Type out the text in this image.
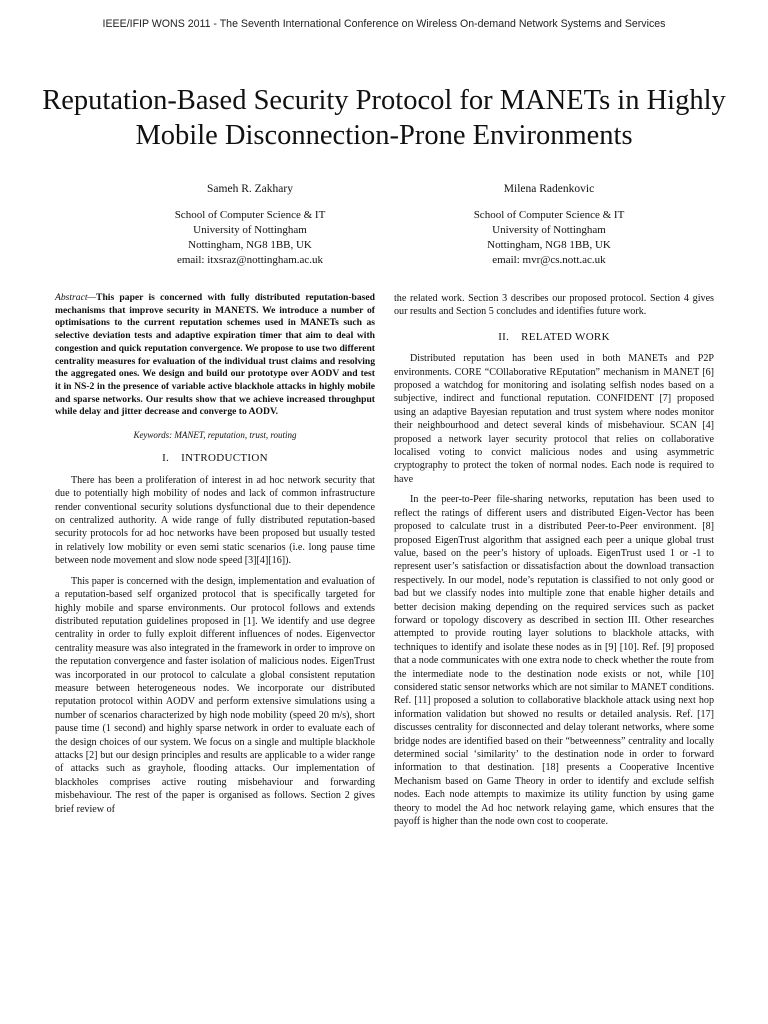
IEEE/IFIP WONS 2011 - The Seventh International Conference on Wireless On-demand Network Systems and Services
Reputation-Based Security Protocol for MANETs in Highly Mobile Disconnection-Prone Environments
Sameh R. Zakhary
School of Computer Science & IT
University of Nottingham
Nottingham, NG8 1BB, UK
email: itxsraz@nottingham.ac.uk
Milena Radenkovic
School of Computer Science & IT
University of Nottingham
Nottingham, NG8 1BB, UK
email: mvr@cs.nott.ac.uk

Abstract—This paper is concerned with fully distributed reputation-based mechanisms that improve security in MANETS. We introduce a number of optimisations to the current reputation schemes used in MANETs such as selective deviation tests and adaptive expiration timer that aim to deal with congestion and quick reputation convergence. We propose to use two different centrality measures for evaluation of the individual trust claims and resolving the aggregated ones. We design and build our prototype over AODV and test it in NS-2 in the presence of variable active blackhole attacks in highly mobile and sparse networks. Our results show that we achieve increased throughput while delay and jitter decrease and converge to AODV.

Keywords: MANET, reputation, trust, routing
I. INTRODUCTION

There has been a proliferation of interest in ad hoc network security that due to potentially high mobility of nodes and lack of common infrastructure render conventional security solutions dysfunctional due to their dependence on centralized authority. A wide range of fully distributed reputation-based security protocols for ad hoc networks have been proposed but usually tested in relatively low mobility or even semi static scenarios (i.e. long pause time between node movement and slow node speed [3][4][16]).

This paper is concerned with the design, implementation and evaluation of a reputation-based self organized protocol that is specifically targeted for highly mobile and sparse environments. Our protocol follows and extends distributed reputation guidelines proposed in [1]. We identify and use degree centrality in order to fully exploit different influences of nodes. Eigenvector centrality measure was also integrated in the framework in order to improve on the reputation convergence and faster isolation of malicious nodes. EigenTrust was incorporated in our protocol to calculate a global consistent reputation measure between heterogeneous nodes. We incorporate our distributed reputation protocol within AODV and perform extensive simulations using a number of scenarios characterized by high node mobility (speed 20 m/s), short pause time (1 second) and highly sparse network in order to evaluate each of the design choices of our system. We focus on a single and multiple blackhole attacks [2] but our design principles and results are applicable to a wider range of attacks such as grayhole, flooding attacks. Our implementation of blackholes comprises active routing misbehaviour and forwarding misbehaviour. The rest of the paper is organised as follows. Section 2 gives brief review of

the related work. Section 3 describes our proposed protocol. Section 4 gives our results and Section 5 concludes and identifies future work.

II. RELATED WORK

Distributed reputation has been used in both MANETs and P2P environments. CORE “COllaborative REputation” mechanism in MANET [6] proposed a watchdog for monitoring and isolating selfish nodes based on a subjective, indirect and functional reputation. CONFIDENT [7] proposed using an adaptive Bayesian reputation and trust system where nodes monitor their neighbourhood and detect several kinds of misbehaviour. SCAN [4] proposed a network layer security protocol that relies on collaborative localised voting to convict malicious nodes and using asymmetric cryptography to protect the token of normal nodes. Each node is required to have

In the peer-to-Peer file-sharing networks, reputation has been used to reflect the ratings of different users and distributed Eigen-Vector has been proposed to calculate trust in a distributed Peer-to-Peer environment. [8] proposed EigenTrust algorithm that assigned each peer a unique global trust value, based on the peer’s history of uploads. EigenTrust used 1 or -1 to represent user’s satisfaction or dissatisfaction about the download transaction respectively. In our model, node’s reputation is classified to not only good or bad but we classify nodes into multiple zone that enable higher details and better decision making depending on the required services such as packet forward or topology discovery as described in section III. Other researches attempted to provide routing layer solutions to blackhole attacks, with techniques to identify and isolate these nodes as in [9] [10]. Ref. [9] proposed that a node communicates with one extra node to check whether the route from the intermediate node to the destination node exists or not, while [10] considered static sensor networks which are not similar to MANET conditions. Ref. [11] proposed a solution to collaborative blackhole attack using next hop information validation but showed no results or detailed analysis. Ref. [17] discusses centrality for disconnected and delay tolerant networks, where some bridge nodes are identified based on their “betweenness” centrality and locally determined social ‘similarity’ to the destination node in order to forward information to that destination. [18] presents a Cooperative Incentive Mechanism based on Game Theory in order to identify and exclude selfish nodes. Each node attempts to maximize its utility function by using game theory to model the Ad hoc network relaying game, which ensures that the payoff is higher than the node own cost to cooperate.
